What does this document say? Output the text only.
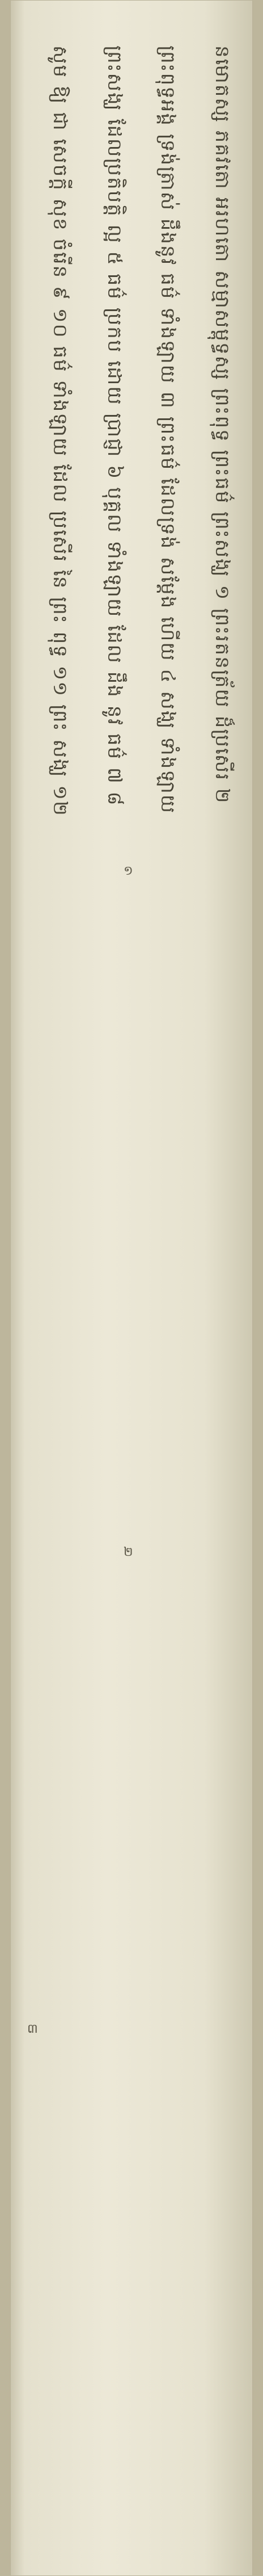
នមោតស្ស ភគវតោ អរហតោ សម្មាសម្ពុទ្ធស្ស ព្រះពុទ្ធ ព្រះធម៌ ព្រះសង្ឃ ១ ព្រះរតនត្រ័យ ដ៏ប្រសើរ ២
ព្រះពុទ្ធអង្គ ទ្រង់ត្រាស់ ដឹងនូវ ធម៌ ទាំងឡាយ ៣ ព្រះធម៌ ដែលទ្រង់ សម្តែង ហើយ ៤ សង្ឃ ទាំងឡាយ
ព្រះសង្ឃ ដែលប្រតិបត្តិ ល្អ ៥ ធម៌ ប្រកប ដោយ ប្រាជ្ញា ៦ បុគ្គល ទាំងឡាយ ដែល ដឹង នូវ ធម៌ ៧ ៨
សូម ឱ្យ ជា សេចក្តី សុខ ចំរើន ៩ ១០ ធម៌ ទាំងឡាយ ដែល ប្រសើរ នៃ ព្រះ ពុទ្ធ ១១ ព្រះ សង្ឃ ១២
១
២
៣
